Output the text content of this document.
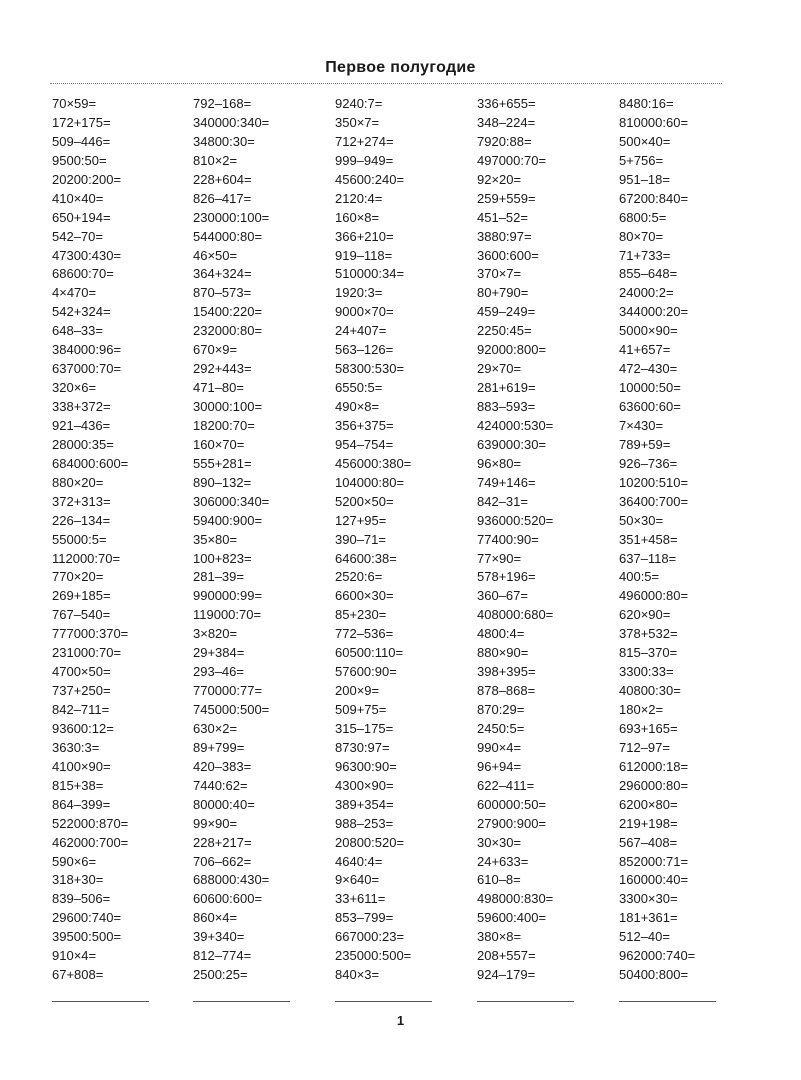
Первое полугодие
70×59=
172+175=
509–446=
9500:50=
20200:200=
410×40=
650+194=
542–70=
47300:430=
68600:70=
4×470=
542+324=
648–33=
384000:96=
637000:70=
320×6=
338+372=
921–436=
28000:35=
684000:600=
880×20=
372+313=
226–134=
55000:5=
112000:70=
770×20=
269+185=
767–540=
777000:370=
231000:70=
4700×50=
737+250=
842–711=
93600:12=
3630:3=
4100×90=
815+38=
864–399=
522000:870=
462000:700=
590×6=
318+30=
839–506=
29600:740=
39500:500=
910×4=
67+808=
792–168=
340000:340=
34800:30=
810×2=
228+604=
826–417=
230000:100=
544000:80=
46×50=
364+324=
870–573=
15400:220=
232000:80=
670×9=
292+443=
471–80=
30000:100=
18200:70=
160×70=
555+281=
890–132=
306000:340=
59400:900=
35×80=
100+823=
281–39=
990000:99=
119000:70=
3×820=
29+384=
293–46=
770000:77=
745000:500=
630×2=
89+799=
420–383=
7440:62=
80000:40=
99×90=
228+217=
706–662=
688000:430=
60600:600=
860×4=
39+340=
812–774=
2500:25=
9240:7=
350×7=
712+274=
999–949=
45600:240=
2120:4=
160×8=
366+210=
919–118=
510000:34=
1920:3=
9000×70=
24+407=
563–126=
58300:530=
6550:5=
490×8=
356+375=
954–754=
456000:380=
104000:80=
5200×50=
127+95=
390–71=
64600:38=
2520:6=
6600×30=
85+230=
772–536=
60500:110=
57600:90=
200×9=
509+75=
315–175=
8730:97=
96300:90=
4300×90=
389+354=
988–253=
20800:520=
4640:4=
9×640=
33+611=
853–799=
667000:23=
235000:500=
840×3=
336+655=
348–224=
7920:88=
497000:70=
92×20=
259+559=
451–52=
3880:97=
3600:600=
370×7=
80+790=
459–249=
2250:45=
92000:800=
29×70=
281+619=
883–593=
424000:530=
639000:30=
96×80=
749+146=
842–31=
936000:520=
77400:90=
77×90=
578+196=
360–67=
408000:680=
4800:4=
880×90=
398+395=
878–868=
870:29=
2450:5=
990×4=
96+94=
622–411=
600000:50=
27900:900=
30×30=
24+633=
610–8=
498000:830=
59600:400=
380×8=
208+557=
924–179=
8480:16=
810000:60=
500×40=
5+756=
951–18=
67200:840=
6800:5=
80×70=
71+733=
855–648=
24000:2=
344000:20=
5000×90=
41+657=
472–430=
10000:50=
63600:60=
7×430=
789+59=
926–736=
10200:510=
36400:700=
50×30=
351+458=
637–118=
400:5=
496000:80=
620×90=
378+532=
815–370=
3300:33=
40800:30=
180×2=
693+165=
712–97=
612000:18=
296000:80=
6200×80=
219+198=
567–408=
852000:71=
160000:40=
3300×30=
181+361=
512–40=
962000:740=
50400:800=
1
